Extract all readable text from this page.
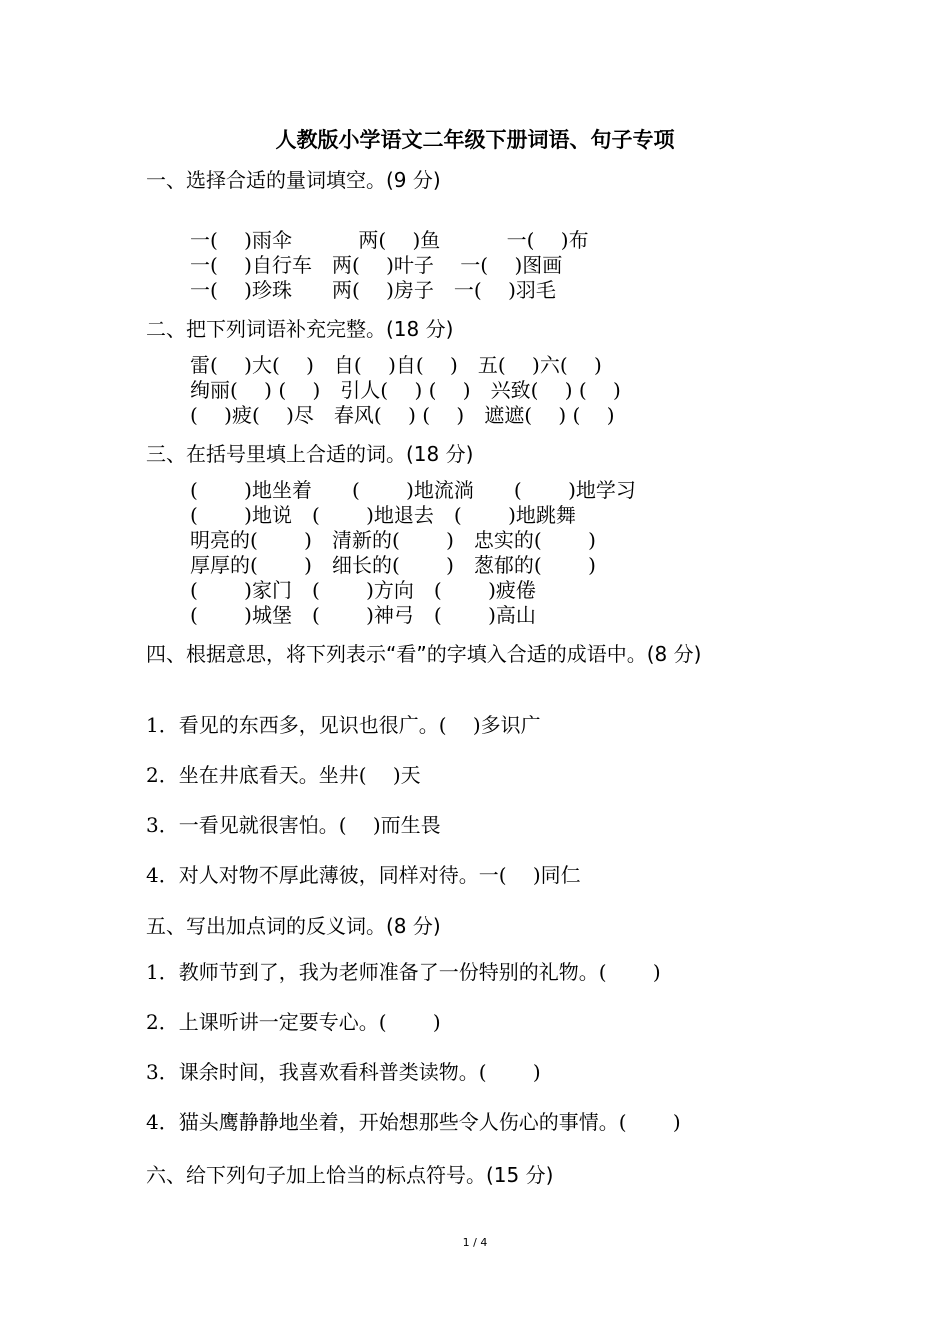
人教版小学语文二年级下册词语、句子专项
一、选择合适的量词填空。(9 分)
一(　 )雨伞　　　 两(　 )鱼　　　 一(　 )布
一(　 )自行车　两(　 )叶子　 一(　 )图画
一(　 )珍珠　　两(　 )房子　一(　 )羽毛
二、把下列词语补充完整。(18 分)
雷(　 )大(　 )　自(　 )自(　 )　五(　 )六(　 )
绚丽(　 ) (　 )　引人(　 ) (　 )　兴致(　 ) (　 )
(　 )疲(　 )尽　春风(　 ) (　 )　遮遮(　 ) (　 )
三、在括号里填上合适的词。(18 分)
(　　 )地坐着　　(　　 )地流淌　　(　　 )地学习
(　　 )地说　(　　 )地退去　(　　 )地跳舞
明亮的(　　 )　清新的(　　 )　忠实的(　　 )
厚厚的(　　 )　细长的(　　 )　葱郁的(　　 )
(　　 )家门　(　　 )方向　(　　 )疲倦
(　　 )城堡　(　　 )神弓　(　　 )高山
四、根据意思，将下列表示“看”的字填入合适的成语中。(8 分)
1．看见的东西多，见识也很广。(　 )多识广
2．坐在井底看天。坐井(　 )天
3．一看见就很害怕。(　 )而生畏
4．对人对物不厚此薄彼，同样对待。一(　 )同仁
五、写出加点词的反义词。(8 分)
1．教师节到了，我为老师准备了一份特别的礼物。(　　 )
2．上课听讲一定要专心。(　　 )
3．课余时间，我喜欢看科普类读物。(　　 )
4．猫头鹰静静地坐着，开始想那些令人伤心的事情。(　　 )
六、给下列句子加上恰当的标点符号。(15 分)
1 / 4
